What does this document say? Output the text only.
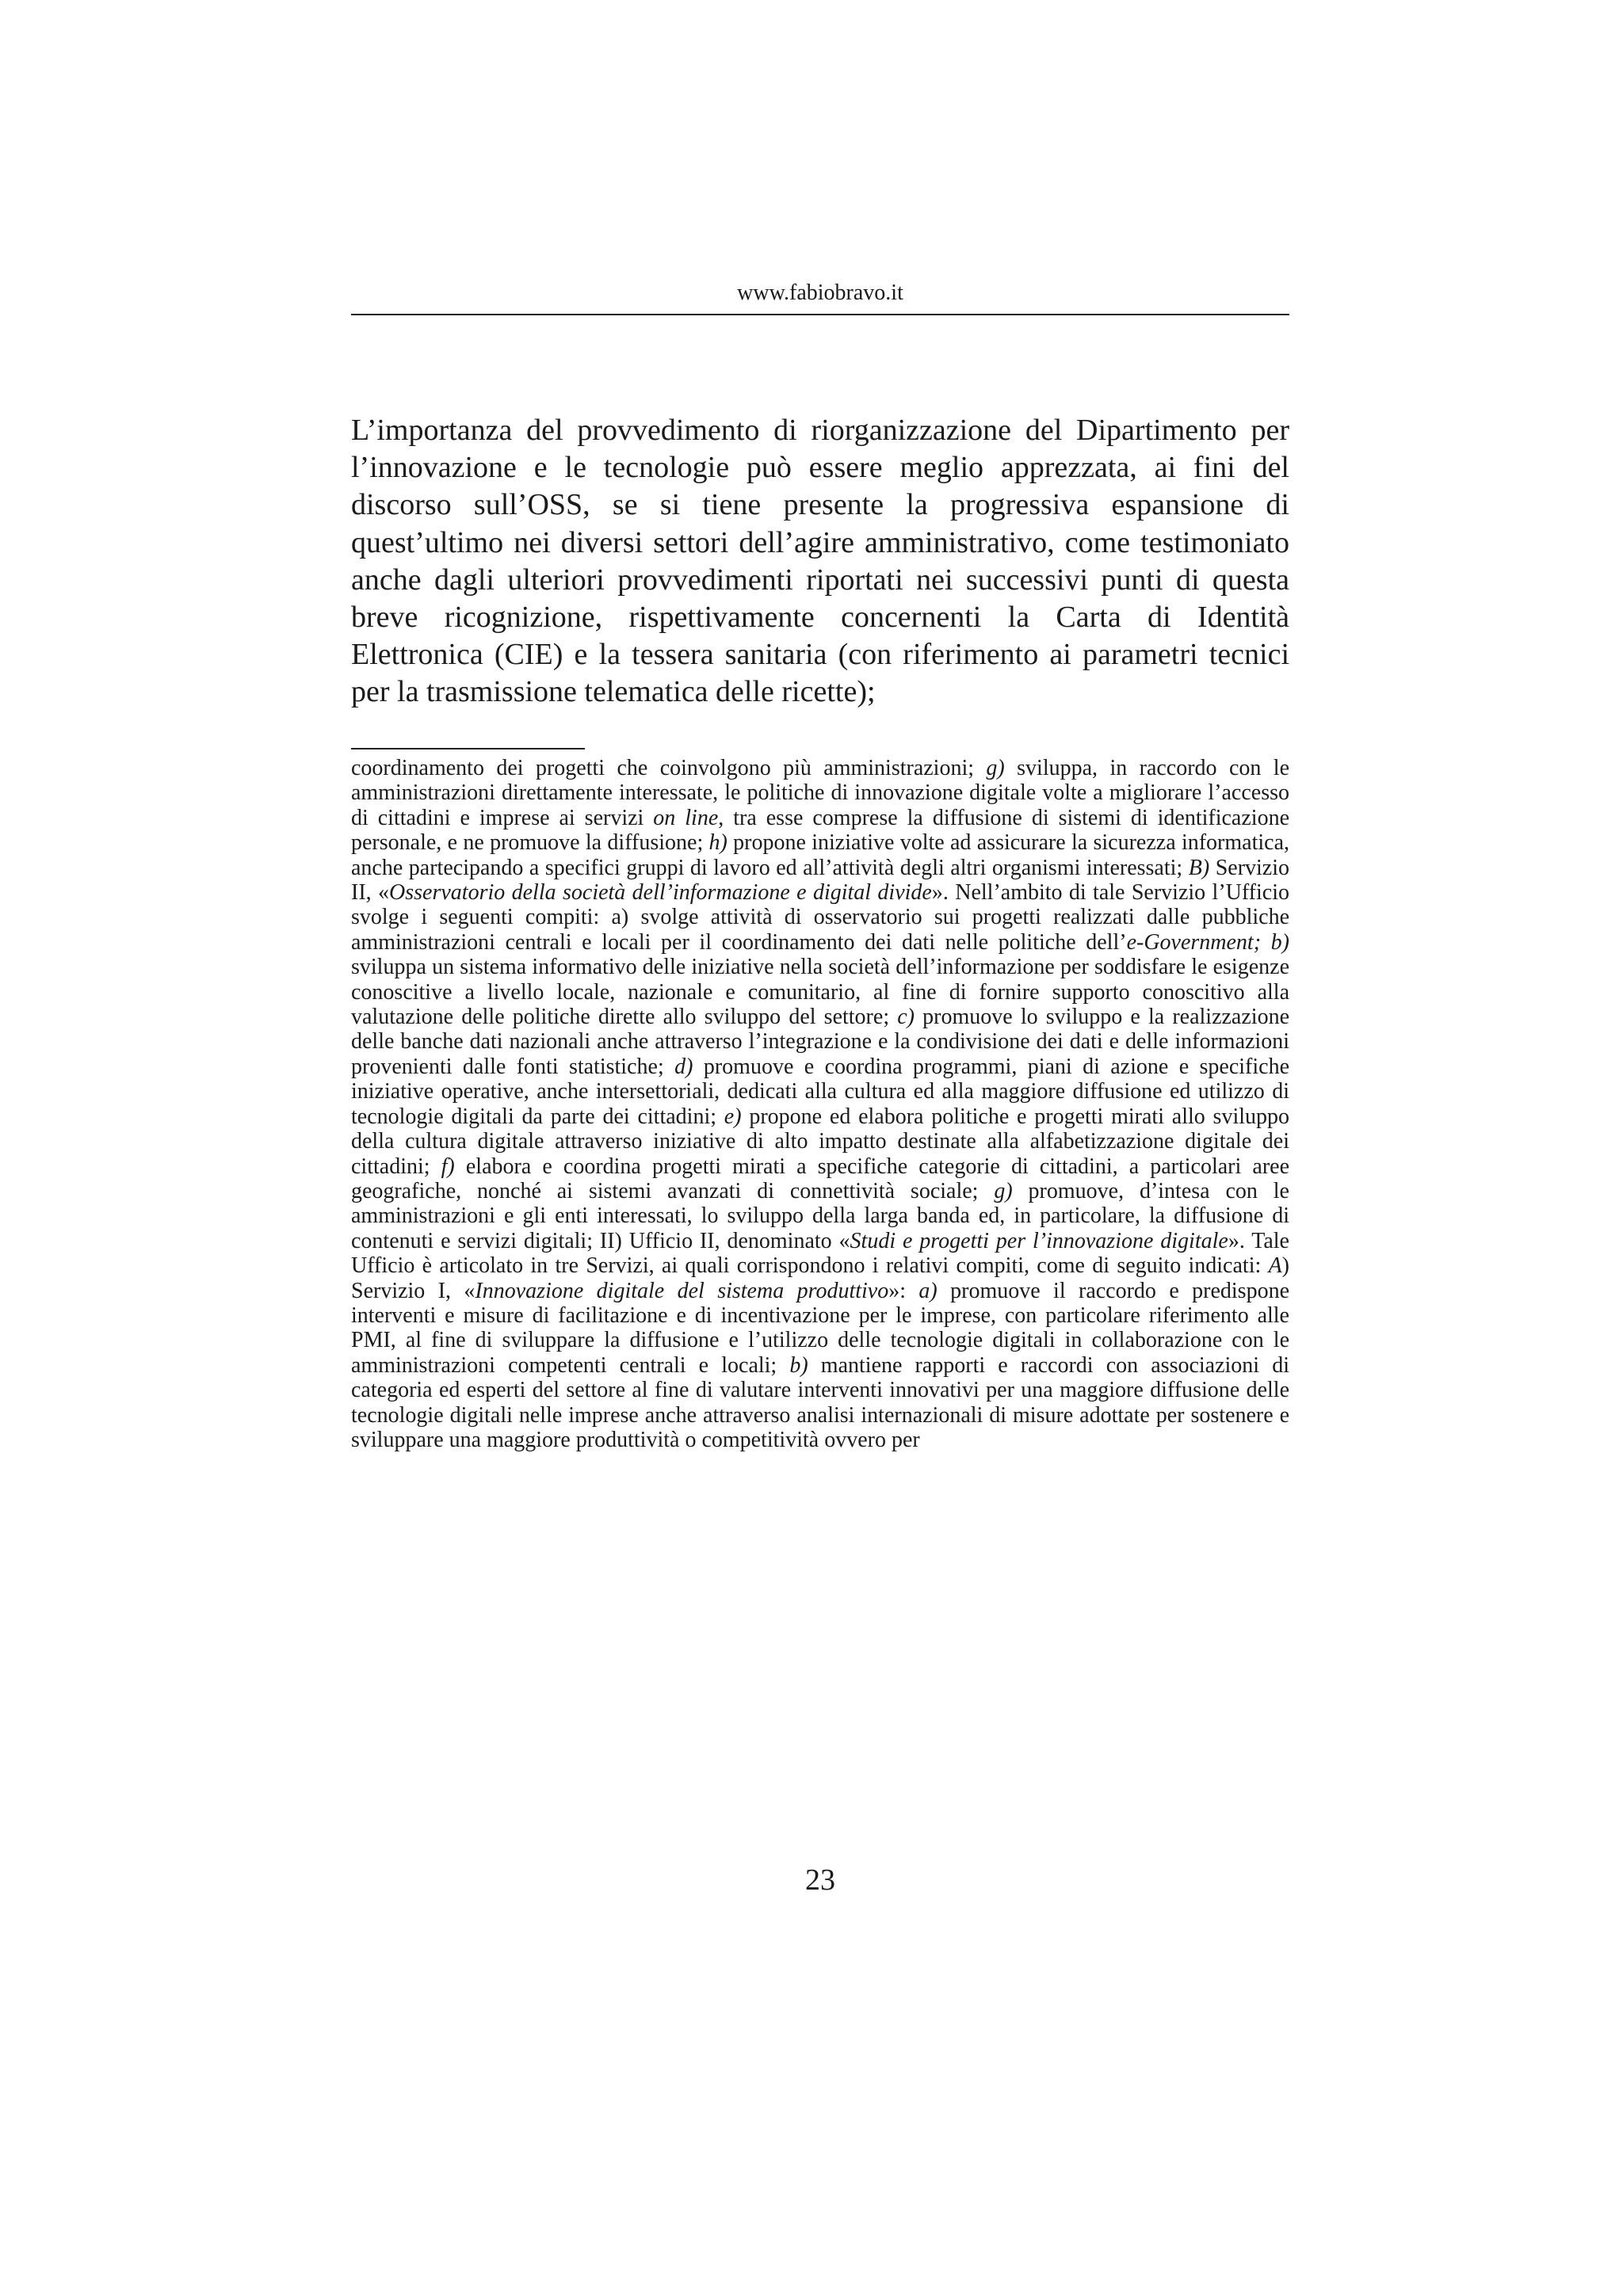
www.fabiobravo.it

L’importanza del provvedimento di riorganizzazione del Dipartimento per l’innovazione e le tecnologie può essere meglio apprezzata, ai fini del discorso sull’OSS, se si tiene presente la progressiva espansione di quest’ultimo nei diversi settori dell’agire amministrativo, come testimoniato anche dagli ulteriori provvedimenti riportati nei successivi punti di questa breve ricognizione, rispettivamente concernenti la Carta di Identità Elettronica (CIE) e la tessera sanitaria (con riferimento ai parametri tecnici per la trasmissione telematica delle ricette);

coordinamento dei progetti che coinvolgono più amministrazioni; g) sviluppa, in raccordo con le amministrazioni direttamente interessate, le politiche di innovazione digitale volte a migliorare l’accesso di cittadini e imprese ai servizi on line, tra esse comprese la diffusione di sistemi di identificazione personale, e ne promuove la diffusione; h) propone iniziative volte ad assicurare la sicurezza informatica, anche partecipando a specifici gruppi di lavoro ed all’attività degli altri organismi interessati; B) Servizio II, «Osservatorio della società dell’informazione e digital divide». Nell’ambito di tale Servizio l’Ufficio svolge i seguenti compiti: a) svolge attività di osservatorio sui progetti realizzati dalle pubbliche amministrazioni centrali e locali per il coordinamento dei dati nelle politiche dell’e-Government; b) sviluppa un sistema informativo delle iniziative nella società dell’informazione per soddisfare le esigenze conoscitive a livello locale, nazionale e comunitario, al fine di fornire supporto conoscitivo alla valutazione delle politiche dirette allo sviluppo del settore; c) promuove lo sviluppo e la realizzazione delle banche dati nazionali anche attraverso l’integrazione e la condivisione dei dati e delle informazioni provenienti dalle fonti statistiche; d) promuove e coordina programmi, piani di azione e specifiche iniziative operative, anche intersettoriali, dedicati alla cultura ed alla maggiore diffusione ed utilizzo di tecnologie digitali da parte dei cittadini; e) propone ed elabora politiche e progetti mirati allo sviluppo della cultura digitale attraverso iniziative di alto impatto destinate alla alfabetizzazione digitale dei cittadini; f) elabora e coordina progetti mirati a specifiche categorie di cittadini, a particolari aree geografiche, nonché ai sistemi avanzati di connettività sociale; g) promuove, d’intesa con le amministrazioni e gli enti interessati, lo sviluppo della larga banda ed, in particolare, la diffusione di contenuti e servizi digitali; II) Ufficio II, denominato «Studi e progetti per l’innovazione digitale». Tale Ufficio è articolato in tre Servizi, ai quali corrispondono i relativi compiti, come di seguito indicati: A) Servizio I, «Innovazione digitale del sistema produttivo»: a) promuove il raccordo e predispone interventi e misure di facilitazione e di incentivazione per le imprese, con particolare riferimento alle PMI, al fine di sviluppare la diffusione e l’utilizzo delle tecnologie digitali in collaborazione con le amministrazioni competenti centrali e locali; b) mantiene rapporti e raccordi con associazioni di categoria ed esperti del settore al fine di valutare interventi innovativi per una maggiore diffusione delle tecnologie digitali nelle imprese anche attraverso analisi internazionali di misure adottate per sostenere e sviluppare una maggiore produttività o competitività ovvero per

23
